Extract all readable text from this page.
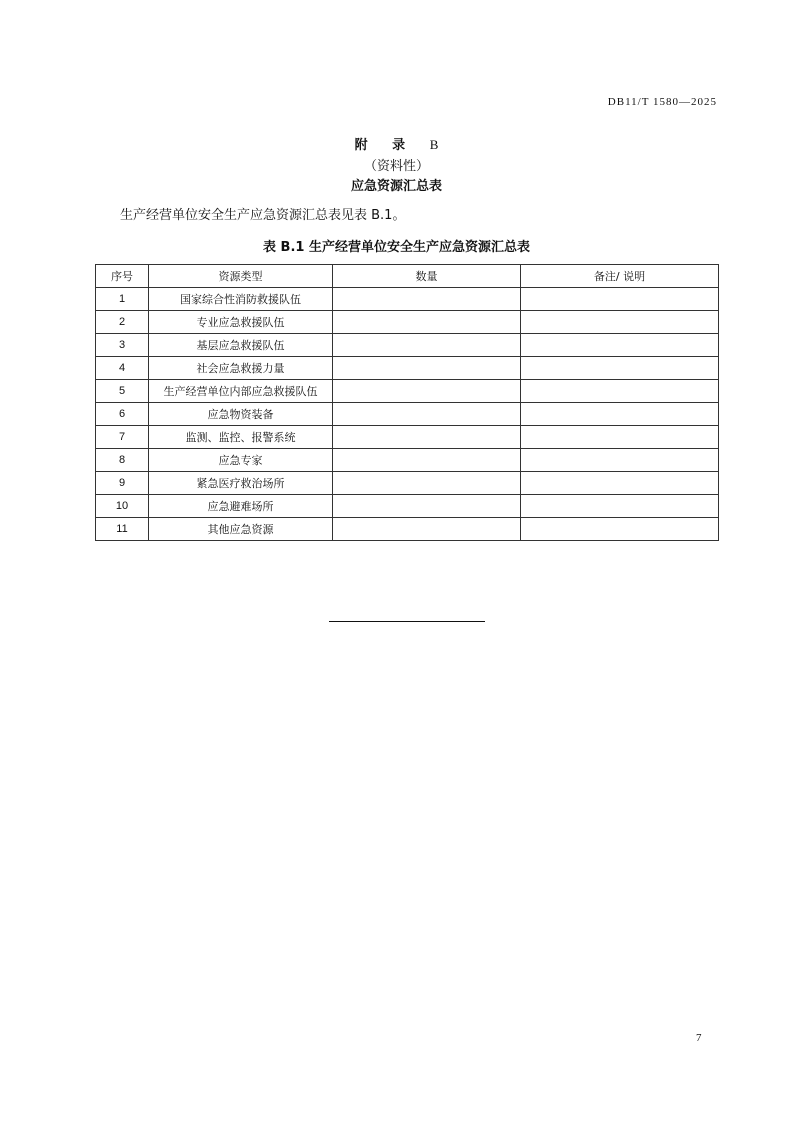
DB11/T 1580—2025
附 录 B
（资料性）
应急资源汇总表
生产经营单位安全生产应急资源汇总表见表 B.1。
表 B.1 生产经营单位安全生产应急资源汇总表
序号	资源类型	数量	备注/ 说明
1	国家综合性消防救援队伍		
2	专业应急救援队伍		
3	基层应急救援队伍		
4	社会应急救援力量		
5	生产经营单位内部应急救援队伍		
6	应急物资装备		
7	监测、监控、报警系统		
8	应急专家		
9	紧急医疗救治场所		
10	应急避难场所		
11	其他应急资源		
7
